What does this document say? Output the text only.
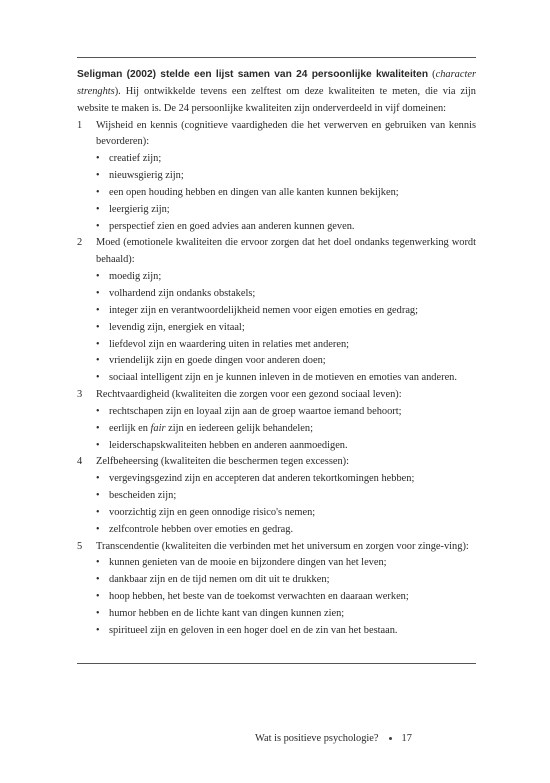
Seligman (2002) stelde een lijst samen van 24 persoonlijke kwaliteiten (character strenghts). Hij ontwikkelde tevens een zelftest om deze kwaliteiten te meten, die via zijn website te maken is. De 24 persoonlijke kwaliteiten zijn onderverdeeld in vijf domeinen:

1 Wijsheid en kennis (cognitieve vaardigheden die het verwerven en gebruiken van kennis bevorderen):

• creatief zijn;
• nieuwsgierig zijn;
• een open houding hebben en dingen van alle kanten kunnen bekijken;
• leergierig zijn;
• perspectief zien en goed advies aan anderen kunnen geven.
2 Moed (emotionele kwaliteiten die ervoor zorgen dat het doel ondanks tegenwerking wordt behaald):

• moedig zijn;
• volhardend zijn ondanks obstakels;
• integer zijn en verantwoordelijkheid nemen voor eigen emoties en gedrag;
• levendig zijn, energiek en vitaal;
• liefdevol zijn en waardering uiten in relaties met anderen;
• vriendelijk zijn en goede dingen voor anderen doen;
• sociaal intelligent zijn en je kunnen inleven in de motieven en emoties van anderen.
3 Rechtvaardigheid (kwaliteiten die zorgen voor een gezond sociaal leven):

• rechtschapen zijn en loyaal zijn aan de groep waartoe iemand behoort;
• eerlijk en fair zijn en iedereen gelijk behandelen;
• leiderschapskwaliteiten hebben en anderen aanmoedigen.
4 Zelfbeheersing (kwaliteiten die beschermen tegen excessen):

• vergevingsgezind zijn en accepteren dat anderen tekortkomingen hebben;
• bescheiden zijn;
• voorzichtig zijn en geen onnodige risico's nemen;
• zelfcontrole hebben over emoties en gedrag.
5 Transcendentie (kwaliteiten die verbinden met het universum en zorgen voor zinge-ving):

• kunnen genieten van de mooie en bijzondere dingen van het leven;
• dankbaar zijn en de tijd nemen om dit uit te drukken;
• hoop hebben, het beste van de toekomst verwachten en daaraan werken;
• humor hebben en de lichte kant van dingen kunnen zien;
• spiritueel zijn en geloven in een hoger doel en de zin van het bestaan.
Wat is positieve psychologie? 17
